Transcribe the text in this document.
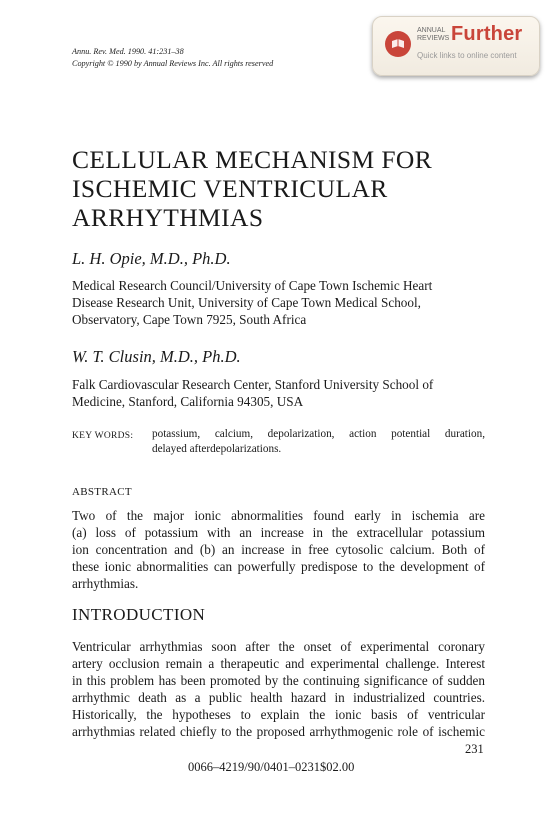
Annu. Rev. Med. 1990. 41:231–38
Copyright © 1990 by Annual Reviews Inc. All rights reserved
ANNUAL
REVIEWS Further
Quick links to online content
CELLULAR MECHANISM FOR
ISCHEMIC VENTRICULAR
ARRHYTHMIAS
L. H. Opie, M.D., Ph.D.
Medical Research Council/University of Cape Town Ischemic Heart
Disease Research Unit, University of Cape Town Medical School,
Observatory, Cape Town 7925, South Africa
W. T. Clusin, M.D., Ph.D.
Falk Cardiovascular Research Center, Stanford University School of
Medicine, Stanford, California 94305, USA
KEY WORDS: potassium, calcium, depolarization, action potential duration,
delayed afterdepolarizations.
ABSTRACT
Two of the major ionic abnormalities found early in ischemia are
(a) loss of potassium with an increase in the extracellular potassium
ion concentration and (b) an increase in free cytosolic calcium. Both of
these ionic abnormalities can powerfully predispose to the development of
arrhythmias.
INTRODUCTION
Ventricular arrhythmias soon after the onset of experimental coronary
artery occlusion remain a therapeutic and experimental challenge. Interest
in this problem has been promoted by the continuing significance of sudden
arrhythmic death as a public health hazard in industrialized countries.
Historically, the hypotheses to explain the ionic basis of ventricular
arrhythmias related chiefly to the proposed arrhythmogenic role of ischemic
231
0066–4219/90/0401–0231$02.00
